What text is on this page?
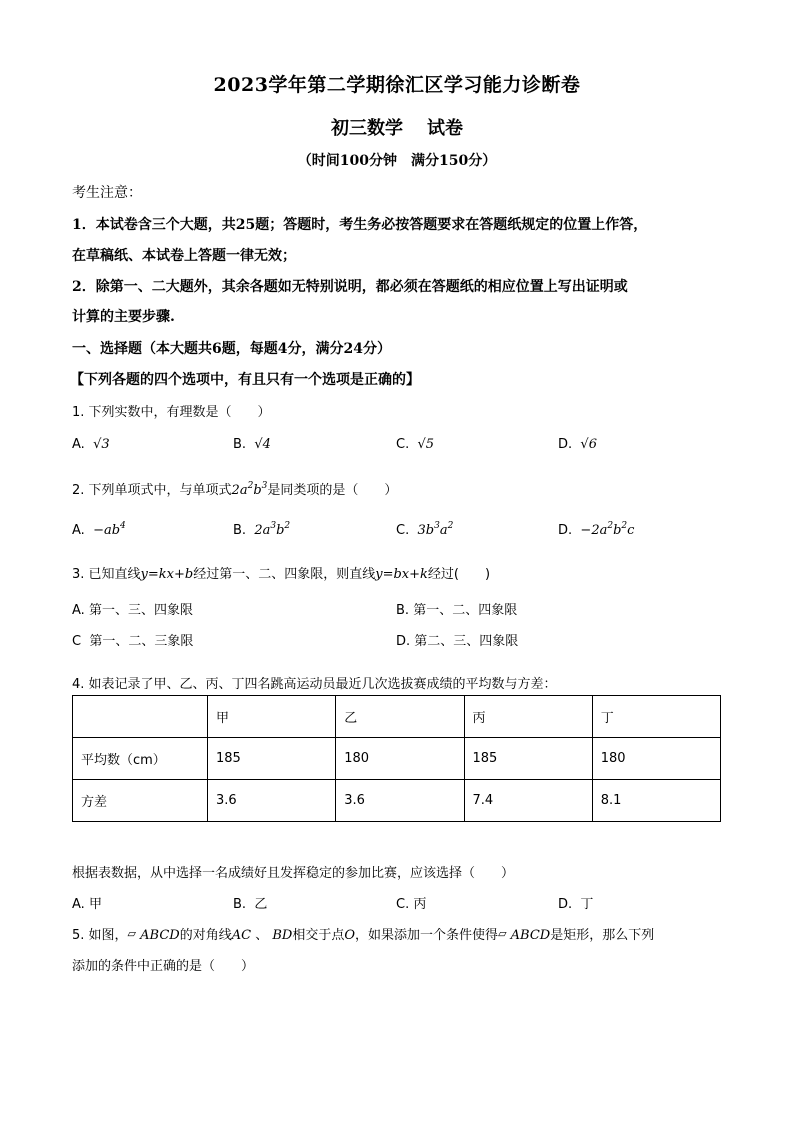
2023学年第二学期徐汇区学习能力诊断卷
初三数学 试卷
（时间100分钟　满分150分）
考生注意：
1．本试卷含三个大题，共25题；答题时，考生务必按答题要求在答题纸规定的位置上作答，
在草稿纸、本试卷上答题一律无效；
2．除第一、二大题外，其余各题如无特别说明，都必须在答题纸的相应位置上写出证明或
计算的主要步骤.
一、选择题（本大题共6题，每题4分，满分24分）
【下列各题的四个选项中，有且只有一个选项是正确的】
1. 下列实数中，有理数是（　　）
A. √3	B. √4	C. √5	D. √6
2. 下列单项式中，与单项式$2a^2b^3$是同类项的是（　　）
A. $-ab^4$	B. $2a^3b^2$	C. $3b^3a^2$	D. $-2a^2b^2c$
3. 已知直线y=kx+b经过第一、二、四象限，则直线y=bx+k经过(　　)
A. 第一、三、四象限	B. 第一、二、四象限
C 第一、二、三象限	D. 第二、三、四象限
4. 如表记录了甲、乙、丙、丁四名跳高运动员最近几次选拔赛成绩的平均数与方差：
	甲	乙	丙	丁
平均数（cm）	185	180	185	180
方差	3.6	3.6	7.4	8.1
根据表数据，从中选择一名成绩好且发挥稳定的参加比赛，应该选择（　　）
A. 甲	B. 乙	C. 丙	D. 丁
5. 如图，▱ ABCD的对角线AC 、 BD相交于点O，如果添加一个条件使得▱ ABCD是矩形，那么下列
添加的条件中正确的是（　　）
